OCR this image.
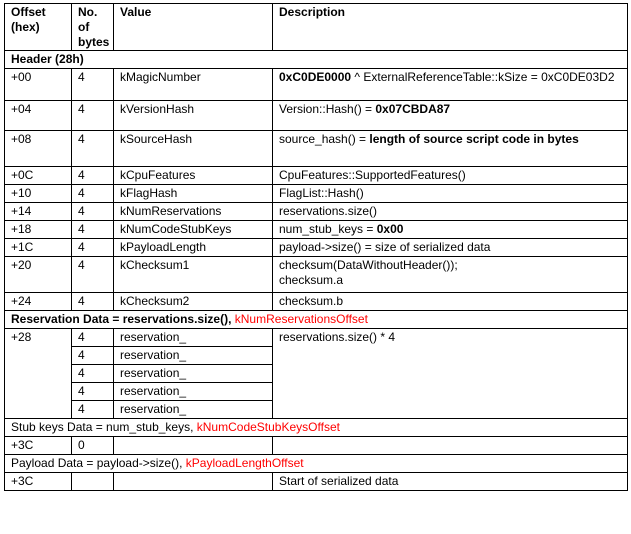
Offset (hex)	No. of bytes	Value	Description
Header (28h)			
+00	4	kMagicNumber	0xC0DE0000 ^ ExternalReferenceTable::kSize = 0xC0DE03D2
+04	4	kVersionHash	Version::Hash() = 0x07CBDA87
+08	4	kSourceHash	source_hash() = length of source script code in bytes
+0C	4	kCpuFeatures	CpuFeatures::SupportedFeatures()
+10	4	kFlagHash	FlagList::Hash()
+14	4	kNumReservations	reservations.size()
+18	4	kNumCodeStubKeys	num_stub_keys = 0x00
+1C	4	kPayloadLength	payload->size() = size of serialized data
+20	4	kChecksum1	checksum(DataWithoutHeader());
checksum.a

+24	4	kChecksum2	checksum.b
Reservation Data = reservations.size(), kNumReservationsOffset			
+28	4	reservation_	reservations.size() * 4
	4	reservation_	
	4	reservation_	
	4	reservation_	
	4	reservation_	
Stub keys Data = num_stub_keys, kNumCodeStubKeysOffset			
+3C	0		
Payload Data = payload->size(), kPayloadLengthOffset			
+3C			Start of serialized data
